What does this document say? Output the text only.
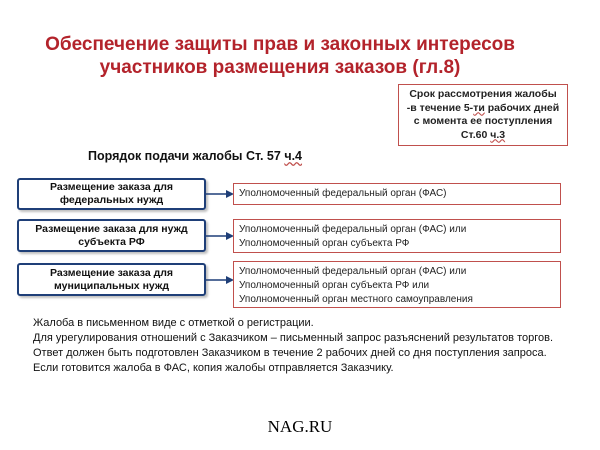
Обеспечение защиты прав и законных интересов
участников размещения заказов (гл.8)
Срок рассмотрения жалобы
-в течение 5-ти рабочих дней
с момента ее поступления
Ст.60 ч.3
Порядок подачи жалобы Ст. 57 ч.4
Размещение заказа для
федеральных нужд
Уполномоченный федеральный орган (ФАС)
Размещение заказа для нужд
субъекта РФ
Уполномоченный федеральный орган (ФАС) или
Уполномоченный орган субъекта РФ
Размещение заказа для
муниципальных нужд
Уполномоченный федеральный орган (ФАС) или
Уполномоченный орган субъекта РФ или
Уполномоченный орган местного самоуправления
Жалоба в письменном виде с отметкой о регистрации.
Для урегулирования отношений с Заказчиком – письменный запрос разъяснений результатов торгов. Ответ должен быть подготовлен Заказчиком в течение 2 рабочих дней со дня поступления запроса.
Если готовится жалоба в ФАС, копия жалобы отправляется Заказчику.
NAG.RU
